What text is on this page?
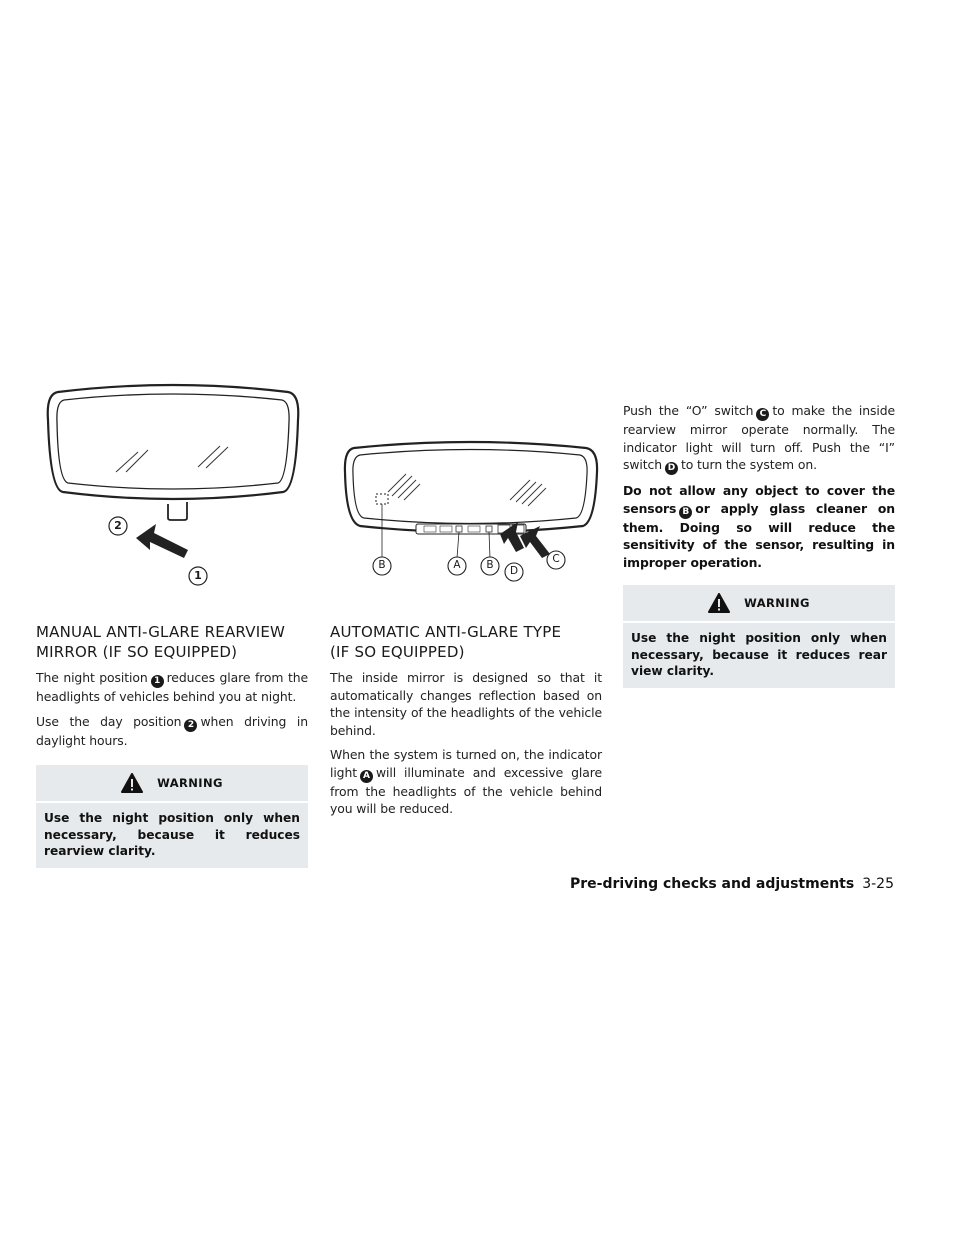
2
1
B	A B D
C
MANUAL ANTI-GLARE REARVIEW
MIRROR (IF SO EQUIPPED)

The night position 1 reduces glare from the headlights of vehicles behind you at night.

Use the day position 2 when driving in daylight hours.

WARNING
Use the night position only when necessary, because it reduces rearview clarity.
AUTOMATIC ANTI-GLARE TYPE
(IF SO EQUIPPED)

The inside mirror is designed so that it automatically changes reflection based on the intensity of the headlights of the vehicle behind.

When the system is turned on, the indicator light A will illuminate and excessive glare from the headlights of the vehicle behind you will be reduced.

Push the “O” switch C to make the inside rearview mirror operate normally. The indicator light will turn off. Push the “I” switch D to turn the system on.

Do not allow any object to cover the sensors B or apply glass cleaner on them. Doing so will reduce the sensitivity of the sensor, resulting in improper operation.

WARNING
Use the night position only when necessary, because it reduces rear view clarity.
Pre-driving checks and adjustments 3-25
